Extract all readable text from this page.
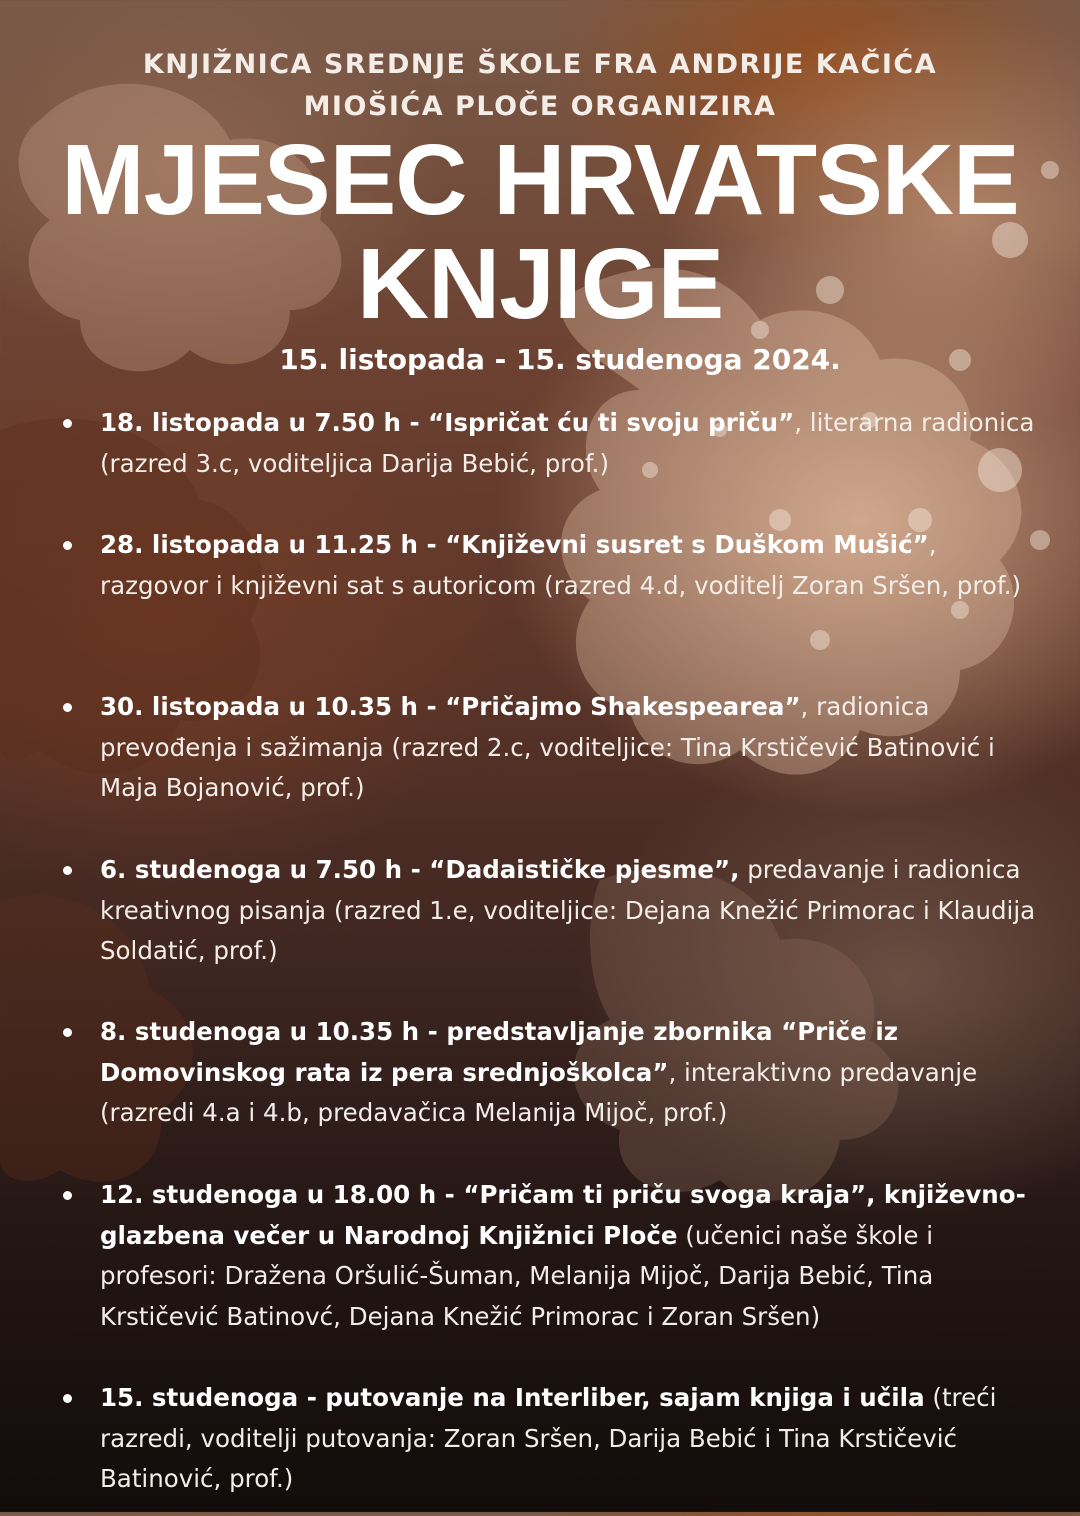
KNJIŽNICA SREDNJE ŠKOLE FRA ANDRIJE KAČIĆA
MIOŠIĆA PLOČE ORGANIZIRA
MJESEC HRVATSKE
KNJIGE
15. listopada - 15. studenoga 2024.
18. listopada u 7.50 h - “Ispričat ću ti svoju priču”, literarna radionica (razred 3.c, voditeljica Darija Bebić, prof.)
28. listopada u 11.25 h - “Književni susret s Duškom Mušić”, razgovor i književni sat s autoricom (razred 4.d, voditelj Zoran Sršen, prof.)
30. listopada u 10.35 h - “Pričajmo Shakespearea”, radionica prevođenja i sažimanja (razred 2.c, voditeljice: Tina Krstičević Batinović i Maja Bojanović, prof.)
6. studenoga u 7.50 h - “Dadaističke pjesme”, predavanje i radionica kreativnog pisanja (razred 1.e, voditeljice: Dejana Knežić Primorac i Klaudija Soldatić, prof.)
8. studenoga u 10.35 h - predstavljanje zbornika “Priče iz Domovinskog rata iz pera srednjoškolca”, interaktivno predavanje (razredi 4.a i 4.b, predavačica Melanija Mijoč, prof.)
12. studenoga u 18.00 h - “Pričam ti priču svoga kraja”, književno-glazbena večer u Narodnoj Knjižnici Ploče (učenici naše škole i profesori: Dražena Oršulić-Šuman, Melanija Mijoč, Darija Bebić, Tina Krstičević Batinovć, Dejana Knežić Primorac i Zoran Sršen)
15. studenoga - putovanje na Interliber, sajam knjiga i učila (treći razredi, voditelji putovanja: Zoran Sršen, Darija Bebić i Tina Krstičević Batinović, prof.)
